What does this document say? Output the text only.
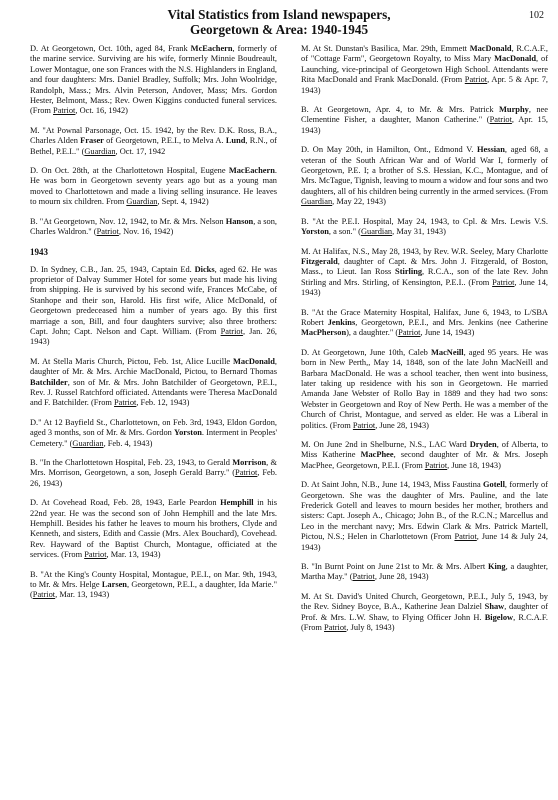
Vital Statistics from Island newspapers,
Georgetown & Area: 1940-1945
102

D. At Georgetown, Oct. 10th, aged 84, Frank McEachern, formerly of the marine service. Surviving are his wife, formerly Minnie Boudreault, Lower Montague, one son Frances with the N.S. Highlanders in England, and four daughters: Mrs. Daniel Bradley, Suffolk; Mrs. John Woolridge, Randolph, Mass.; Mrs. Alvin Peterson, Andover, Mass; Mrs. Gordon Hester, Belmont, Mass.; Rev. Owen Kiggins conducted funeral services. (From Patriot, Oct. 16, 1942)

M. "At Pownal Parsonage, Oct. 15. 1942, by the Rev. D.K. Ross, B.A., Charles Alden Fraser of Georgetown, P.E.I., to Melva A. Lund, R.N., of Bethel, P.E.I.." (Guardian, Oct. 17, 1942

D. On Oct. 28th, at the Charlottetown Hospital, Eugene MacEachern. He was born in Georgetown seventy years ago but as a young man moved to Charlottetown and made a living selling insurance. He leaves to mourn six children. From Guardian, Sept. 4, 1942)

B. "At Georgetown, Nov. 12, 1942, to Mr. & Mrs. Nelson Hanson, a son, Charles Waldron." (Patriot, Nov. 16, 1942)

1943

D. In Sydney, C.B., Jan. 25, 1943, Captain Ed. Dicks, aged 62. He was proprietor of Dalvay Summer Hotel for some years but made his living from shipping. He is survived by his second wife, Frances McCabe, of Stanhope and their son, Harold. His first wife, Alice McDonald, of Georgetown predeceased him a number of years ago. By this first marriage a son, Bill, and four daughters survive; also three brothers: Capt. John; Capt. Nelson and Capt. William. (From Patriot, Jan. 26, 1943)

M. At Stella Maris Church, Pictou, Feb. 1st, Alice Lucille MacDonald, daughter of Mr. & Mrs. Archie MacDonald, Pictou, to Bernard Thomas Batchilder, son of Mr. & Mrs. John Batchilder of Georgetown, P.E.I., Rev. J. Russel Ratchford officiated. Attendants were Theresa MacDonald and F. Batchilder. (From Patriot, Feb. 12, 1943)

D." At 12 Bayfield St., Charlottetown, on Feb. 3rd, 1943, Eldon Gordon, aged 3 months, son of Mr. & Mrs. Gordon Yorston. Interment in Peoples' Cemetery." (Guardian, Feb. 4, 1943)

B. "In the Charlottetown Hospital, Feb. 23, 1943, to Gerald Morrison, & Mrs. Morrison, Georgetown, a son, Joseph Gerald Barry." (Patriot, Feb. 26, 1943)

D. At Covehead Road, Feb. 28, 1943, Earle Peardon Hemphill in his 22nd year. He was the second son of John Hemphill and the late Mrs. Hemphill. Besides his father he leaves to mourn his brothers, Clyde and Kenneth, and sisters, Edith and Cassie (Mrs. Alex Bouchard), Covehead. Rev. Hayward of the Baptist Church, Montague, officiated at the services. (From Patriot, Mar. 13, 1943)

B. "At the King's County Hospital, Montague, P.E.I., on Mar. 9th, 1943, to Mr. & Mrs. Helge Larsen, Georgetown, P.E.I., a daughter, Ida Marie." (Patriot, Mar. 13, 1943)

M. At St. Dunstan's Basilica, Mar. 29th, Emmett MacDonald, R.C.A.F., of "Cottage Farm", Georgetown Royalty, to Miss Mary MacDonald, of Launching, vice-principal of Georgetown High School. Attendants were Rita MacDonald and Frank MacDonald. (From Patriot, Apr. 5 & Apr. 7, 1943)

B. At Georgetown, Apr. 4, to Mr. & Mrs. Patrick Murphy, nee Clementine Fisher, a daughter, Manon Catherine." (Patriot, Apr. 15, 1943)

D. On May 20th, in Hamilton, Ont., Edmond V. Hessian, aged 68, a veteran of the South African War and of World War I, formerly of Georgetown, P.E. I; a brother of S.S. Hessian, K.C., Montague, and of Mrs. McTague, Tignish, leaving to mourn a widow and four sons and two daughters, all of his children being currently in the armed services. (From Guardian, May 22, 1943)

B. "At the P.E.I. Hospital, May 24, 1943, to Cpl. & Mrs. Lewis V.S. Yorston, a son." (Guardian, May 31, 1943)

M. At Halifax, N.S., May 28, 1943, by Rev. W.R. Seeley, Mary Charlotte Fitzgerald, daughter of Capt. & Mrs. John J. Fitzgerald, of Boston, Mass., to Lieut. Ian Ross Stirling, R.C.A., son of the late Rev. John Stirling and Mrs. Stirling, of Kensington, P.E.I.. (From Patriot, June 14, 1943)

B. "At the Grace Maternity Hospital, Halifax, June 6, 1943, to L/SBA Robert Jenkins, Georgetown, P.E.I., and Mrs. Jenkins (nee Catherine MacPherson), a daughter." (Patriot, June 14, 1943)

D. At Georgetown, June 10th, Caleb MacNeill, aged 95 years. He was born in New Perth,, May 14, 1848, son of the late John MacNeill and Barbara MacDonald. He was a school teacher, then went into business, later taking up residence with his son in Georgetown. He married Amanda Jane Webster of Rollo Bay in 1889 and they had two sons: Webster in Georgetown and Roy of New Perth. He was a member of the Church of Christ, Montague, and served as elder. He was a Liberal in politics. (From Patriot, June 28, 1943)

M. On June 2nd in Shelburne, N.S., LAC Ward Dryden, of Alberta, to Miss Katherine MacPhee, second daughter of Mr. & Mrs. Joseph MacPhee, Georgetown, P.E.I. (From Patriot, June 18, 1943)

D. At Saint John, N.B., June 14, 1943, Miss Faustina Gotell, formerly of Georgetown. She was the daughter of Mrs. Pauline, and the late Frederick Gotell and leaves to mourn besides her mother, brothers and sisters: Capt. Joseph A., Chicago; John B., of the R.C.N.; Marcellus and Leo in the merchant navy; Mrs. Edwin Clark & Mrs. Patrick Martell, Pictou, N.S.; Helen in Charlottetown (From Patriot, June 14 & July 24, 1943)

B. "In Burnt Point on June 21st to Mr. & Mrs. Albert King, a daughter, Martha May." (Patriot, June 28, 1943)

M. At St. David's United Church, Georgetown, P.E.I., July 5, 1943, by the Rev. Sidney Boyce, B.A., Katherine Jean Dalziel Shaw, daughter of Prof. & Mrs. L.W. Shaw, to Flying Officer John H. Bigelow, R.C.A.F. (From Patriot, July 8, 1943)
